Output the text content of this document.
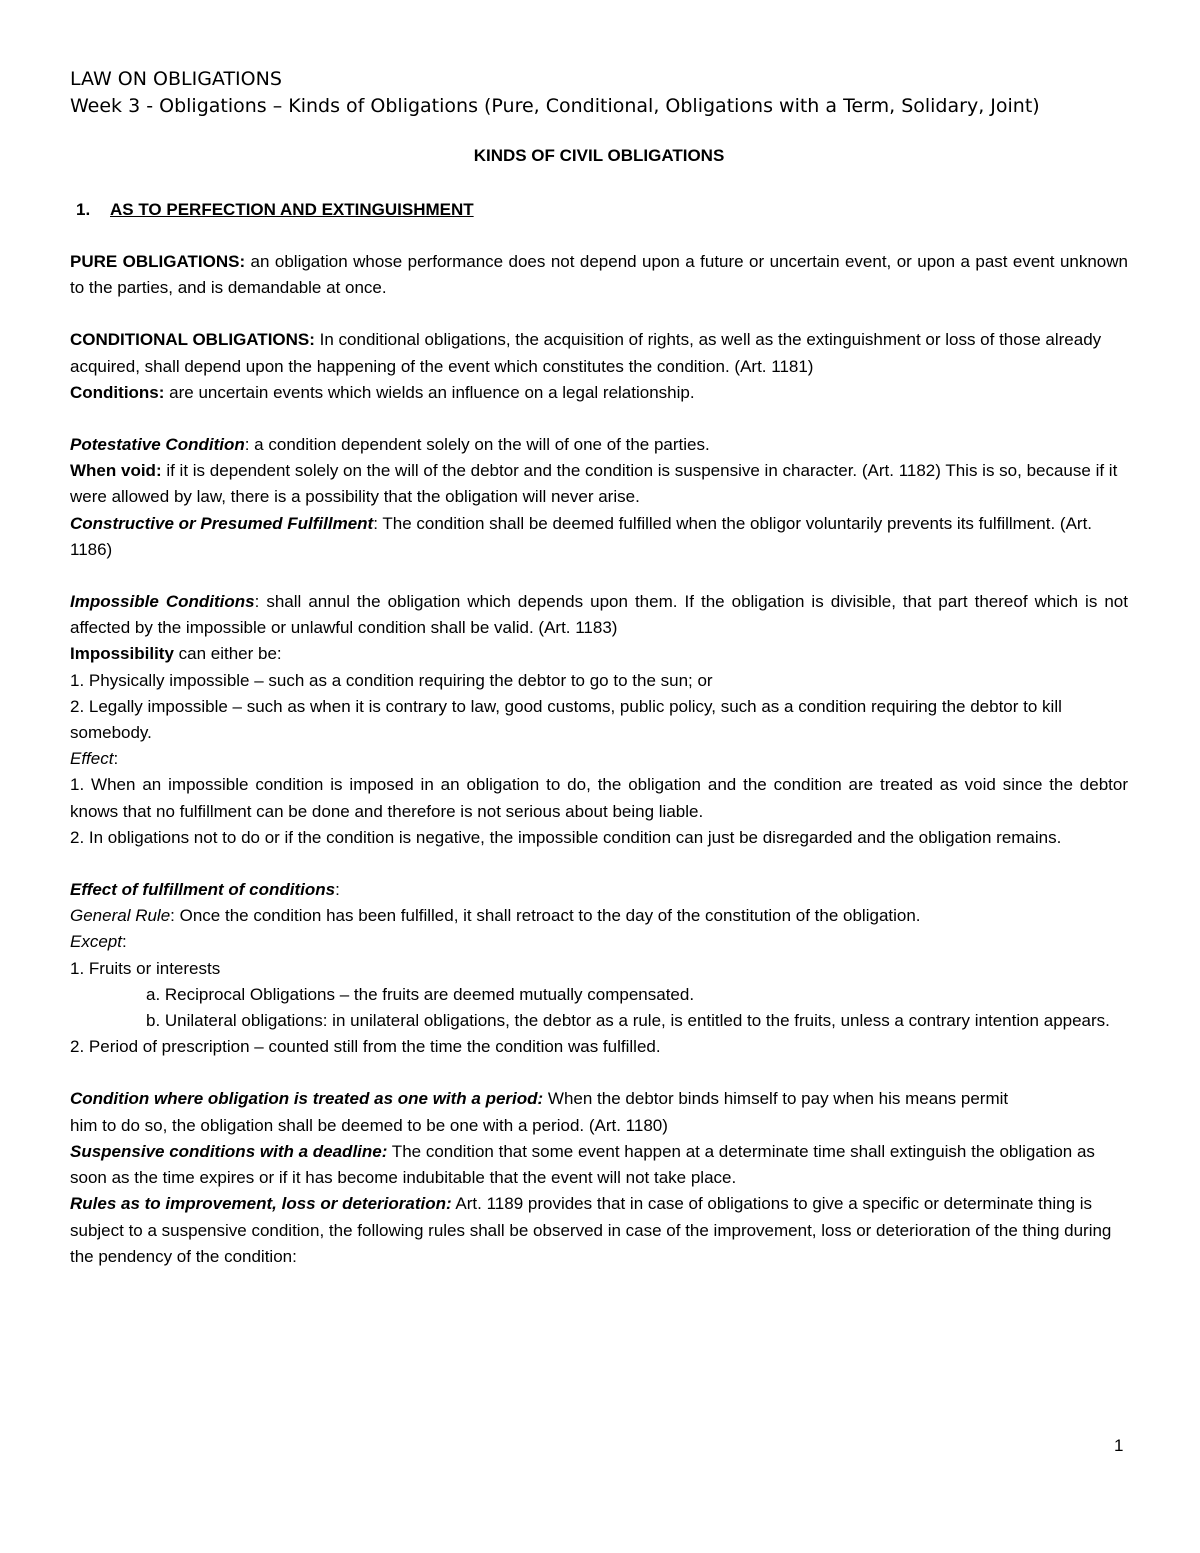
LAW ON OBLIGATIONS
Week 3 - Obligations – Kinds of Obligations (Pure, Conditional, Obligations with a Term, Solidary, Joint)
KINDS OF CIVIL OBLIGATIONS
1. AS TO PERFECTION AND EXTINGUISHMENT

PURE OBLIGATIONS: an obligation whose performance does not depend upon a future or uncertain event, or upon a past event unknown to the parties, and is demandable at once.

CONDITIONAL OBLIGATIONS: In conditional obligations, the acquisition of rights, as well as the extinguishment or loss of those already acquired, shall depend upon the happening of the event which constitutes the condition. (Art. 1181)

Conditions: are uncertain events which wields an influence on a legal relationship.

Potestative Condition: a condition dependent solely on the will of one of the parties.

When void: if it is dependent solely on the will of the debtor and the condition is suspensive in character. (Art. 1182) This is so, because if it were allowed by law, there is a possibility that the obligation will never arise.

Constructive or Presumed Fulfillment: The condition shall be deemed fulfilled when the obligor voluntarily prevents its fulfillment. (Art. 1186)

Impossible Conditions: shall annul the obligation which depends upon them. If the obligation is divisible, that part thereof which is not affected by the impossible or unlawful condition shall be valid. (Art. 1183)

Impossibility can either be:

1. Physically impossible – such as a condition requiring the debtor to go to the sun; or

2. Legally impossible – such as when it is contrary to law, good customs, public policy, such as a condition requiring the debtor to kill somebody.

Effect:

1. When an impossible condition is imposed in an obligation to do, the obligation and the condition are treated as void since the debtor knows that no fulfillment can be done and therefore is not serious about being liable.

2. In obligations not to do or if the condition is negative, the impossible condition can just be disregarded and the obligation remains.

Effect of fulfillment of conditions:

General Rule: Once the condition has been fulfilled, it shall retroact to the day of the constitution of the obligation.

Except:

1. Fruits or interests

a. Reciprocal Obligations – the fruits are deemed mutually compensated.

b. Unilateral obligations: in unilateral obligations, the debtor as a rule, is entitled to the fruits, unless a contrary intention appears.

2. Period of prescription – counted still from the time the condition was fulfilled.

Condition where obligation is treated as one with a period: When the debtor binds himself to pay when his means permit

him to do so, the obligation shall be deemed to be one with a period. (Art. 1180)

Suspensive conditions with a deadline: The condition that some event happen at a determinate time shall extinguish the obligation as soon as the time expires or if it has become indubitable that the event will not take place.

Rules as to improvement, loss or deterioration: Art. 1189 provides that in case of obligations to give a specific or determinate thing is subject to a suspensive condition, the following rules shall be observed in case of the improvement, loss or deterioration of the thing during the pendency of the condition:

1
